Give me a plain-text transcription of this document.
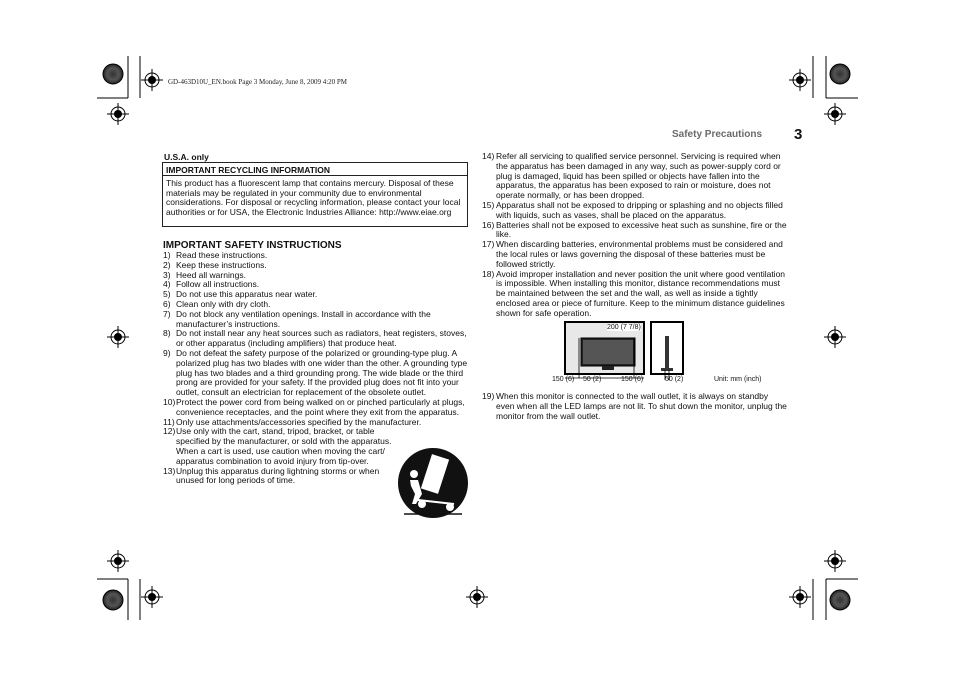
GD-463D10U_EN.book Page 3 Monday, June 8, 2009 4:20 PM
Safety Precautions 3
U.S.A. only
IMPORTANT RECYCLING INFORMATION
This product has a fluorescent lamp that contains mercury. Disposal of these materials may be regulated in your community due to environmental considerations. For disposal or recycling information, please contact your local authorities or for USA, the Electronic Industries Alliance: http://www.eiae.org
IMPORTANT SAFETY INSTRUCTIONS
1) Read these instructions.
2) Keep these instructions.
3) Heed all warnings.
4) Follow all instructions.
5) Do not use this apparatus near water.
6) Clean only with dry cloth.
7) Do not block any ventilation openings. Install in accordance with the manufacturer’s instructions.
8) Do not install near any heat sources such as radiators, heat registers, stoves, or other apparatus (including amplifiers) that produce heat.
9) Do not defeat the safety purpose of the polarized or grounding-type plug. A polarized plug has two blades with one wider than the other. A grounding type plug has two blades and a third grounding prong. The wide blade or the third prong are provided for your safety. If the provided plug does not fit into your outlet, consult an electrician for replacement of the obsolete outlet.
10) Protect the power cord from being walked on or pinched particularly at plugs, convenience receptacles, and the point where they exit from the apparatus.
11) Only use attachments/accessories specified by the manufacturer.
12) Use only with the cart, stand, tripod, bracket, or table specified by the manufacturer, or sold with the apparatus. When a cart is used, use caution when moving the cart/ apparatus combination to avoid injury from tip-over.
13) Unplug this apparatus during lightning storms or when unused for long periods of time.
14) Refer all servicing to qualified service personnel. Servicing is required when the apparatus has been damaged in any way, such as power-supply cord or plug is damaged, liquid has been spilled or objects have fallen into the apparatus, the apparatus has been exposed to rain or moisture, does not operate normally, or has been dropped.
15) Apparatus shall not be exposed to dripping or splashing and no objects filled with liquids, such as vases, shall be placed on the apparatus.
16) Batteries shall not be exposed to excessive heat such as sunshine, fire or the like.
17) When discarding batteries, environmental problems must be considered and the local rules or laws governing the disposal of these batteries must be followed strictly.
18) Avoid improper installation and never position the unit where good ventilation is impossible. When installing this monitor, distance recommendations must be maintained between the set and the wall, as well as inside a tightly enclosed area or piece of furniture. Keep to the minimum distance guidelines shown for safe operation.
200 (7 7/8)
150 (6) 50 (2)	150 (6)	50 (2)	Unit: mm (inch)
19) When this monitor is connected to the wall outlet, it is always on standby even when all the LED lamps are not lit. To shut down the monitor, unplug the monitor from the wall outlet.
